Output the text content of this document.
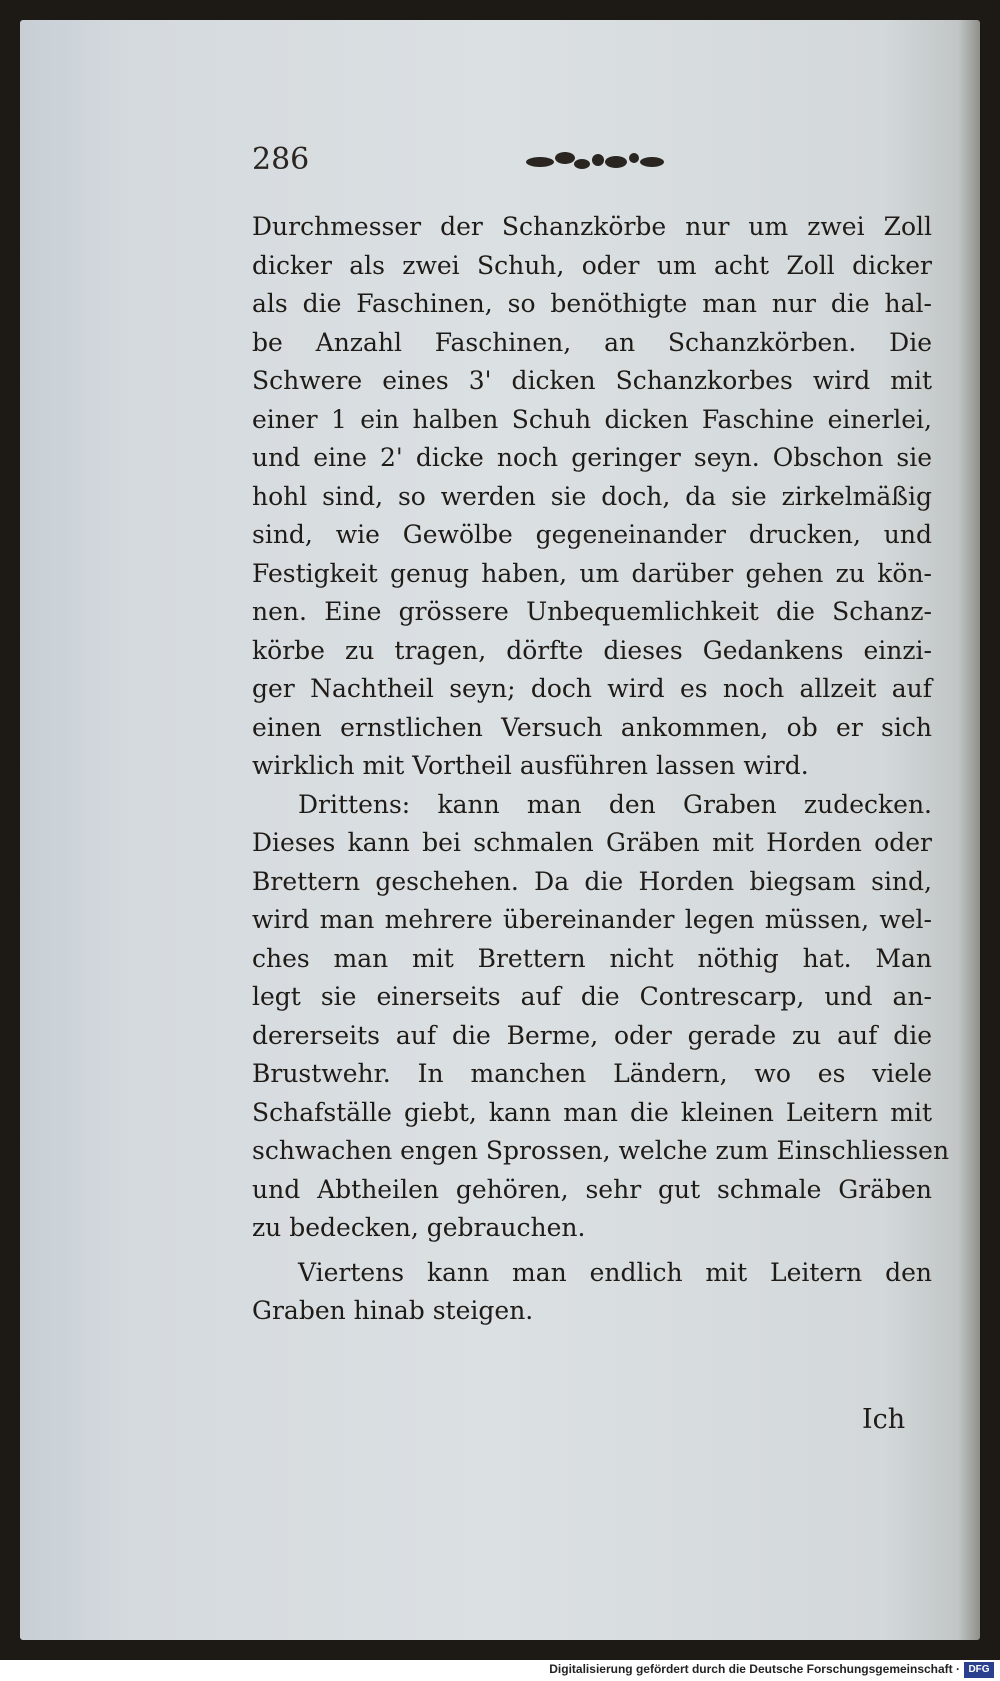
286
Durchmesser der Schanzkörbe nur um zwei Zoll
dicker als zwei Schuh, oder um acht Zoll dicker
als die Faschinen, so benöthigte man nur die hal-
be Anzahl Faschinen, an Schanzkörben. Die
Schwere eines 3' dicken Schanzkorbes wird mit
einer 1 ein halben Schuh dicken Faschine einerlei,
und eine 2' dicke noch geringer seyn. Obschon sie
hohl sind, so werden sie doch, da sie zirkelmäßig
sind, wie Gewölbe gegeneinander drucken, und
Festigkeit genug haben, um darüber gehen zu kön-
nen. Eine grössere Unbequemlichkeit die Schanz-
körbe zu tragen, dörfte dieses Gedankens einzi-
ger Nachtheil seyn; doch wird es noch allzeit auf
einen ernstlichen Versuch ankommen, ob er sich
wirklich mit Vortheil ausführen lassen wird.
Drittens: kann man den Graben zudecken.
Dieses kann bei schmalen Gräben mit Horden oder
Brettern geschehen. Da die Horden biegsam sind,
wird man mehrere übereinander legen müssen, wel-
ches man mit Brettern nicht nöthig hat. Man
legt sie einerseits auf die Contrescarp, und an-
dererseits auf die Berme, oder gerade zu auf die
Brustwehr. In manchen Ländern, wo es viele
Schafställe giebt, kann man die kleinen Leitern mit
schwachen engen Sprossen, welche zum Einschliessen
und Abtheilen gehören, sehr gut schmale Gräben
zu bedecken, gebrauchen.
Viertens kann man endlich mit Leitern den
Graben hinab steigen.
Ich
Digitalisierung gefördert durch die Deutsche Forschungsgemeinschaft · DFG
